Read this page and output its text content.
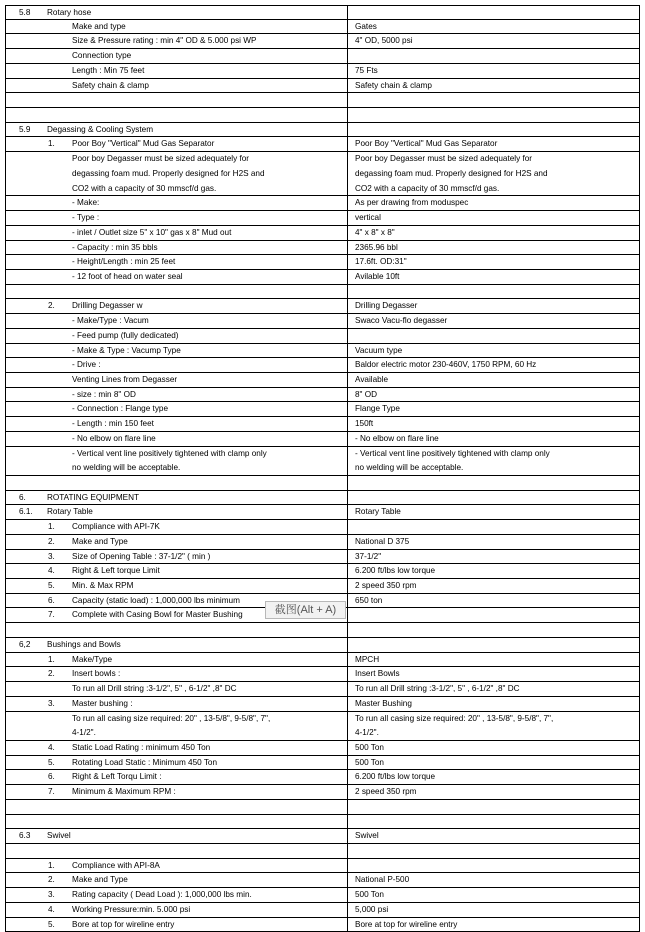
5.8 Rotary hose
Make and type	Gates
Size & Pressure rating : min 4" OD & 5.000 psi WP	4" OD, 5000 psi
Connection type
Length : Min 75 feet	75 Fts
Safety chain & clamp	Safety chain & clamp
5.9 Degassing & Cooling System
1. Poor Boy "Vertical" Mud Gas Separator	Poor Boy "Vertical" Mud Gas Separator
Poor boy Degasser must be sized adequately for	Poor boy Degasser must be sized adequately for
degassing foam mud. Properly designed for H2S and	degassing foam mud. Properly designed for H2S and
CO2 with a capacity of 30 mmscf/d gas.	CO2 with a capacity of 30 mmscf/d gas.
- Make:	As per drawing from moduspec
- Type :	vertical
- inlet / Outlet size 5" x 10" gas x 8" Mud out	4" x 8" x 8"
- Capacity : min 35 bbls	2365.96 bbl
- Height/Length : min 25 feet	17.6ft. OD:31"
- 12 foot of head on water seal	Avilable 10ft
2. Drilling Degasser w	Drilling Degasser
- Make/Type : Vacum	Swaco Vacu-flo degasser
- Feed pump (fully dedicated)
- Make & Type : Vacump Type	Vacuum type
- Drive :	Baldor electric motor 230-460V, 1750 RPM, 60 Hz
Venting Lines from Degasser	Available
- size : min 8" OD	8" OD
- Connection : Flange type	Flange Type
- Length : min 150 feet	150ft
- No elbow on flare line	- No elbow on flare line
- Vertical vent line positively tightened with clamp only	- Vertical vent line positively tightened with clamp only
no welding will be acceptable.	no welding will be acceptable.
6.	ROTATING EQUIPMENT
6.1. Rotary Table	Rotary Table
1. Compliance with API-7K
2. Make and Type	National D 375
3. Size of Opening Table : 37-1/2" ( min )	37-1/2"
4. Right & Left torque Limit	6.200 ft/lbs low torque
5. Min. & Max RPM	2 speed 350 rpm
6. Capacity (static load) : 1,000,000 lbs minimum	650 ton
7. Complete with Casing Bowl for Master Bushing
6,2 Bushings and Bowls
1. Make/Type	MPCH
2. Insert bowls :	Insert Bowls
To run all Drill string :3-1/2", 5" , 6-1/2" ,8" DC	To run all Drill string :3-1/2", 5" , 6-1/2" ,8" DC
3. Master bushing :	Master Bushing
To run all casing size required: 20" , 13-5/8", 9-5/8", 7",	To run all casing size required: 20" , 13-5/8", 9-5/8", 7",
4-1/2".	4-1/2".
4. Static Load Rating : minimum 450 Ton	500 Ton
5. Rotating Load Static : Minimum 450 Ton	500 Ton
6. Right & Left Torqu Limit :	6.200 ft/lbs low torque
7. Minimum & Maximum RPM :	2 speed 350 rpm
6.3 Swivel	Swivel
1. Compliance with API-8A
2. Make and Type	National P-500
3. Rating capacity ( Dead Load ): 1,000,000 lbs min.	500 Ton
4. Working Pressure:min. 5.000 psi	5,000 psi
5. Bore at top for wireline entry	Bore at top for wireline entry
截图(Alt + A)
